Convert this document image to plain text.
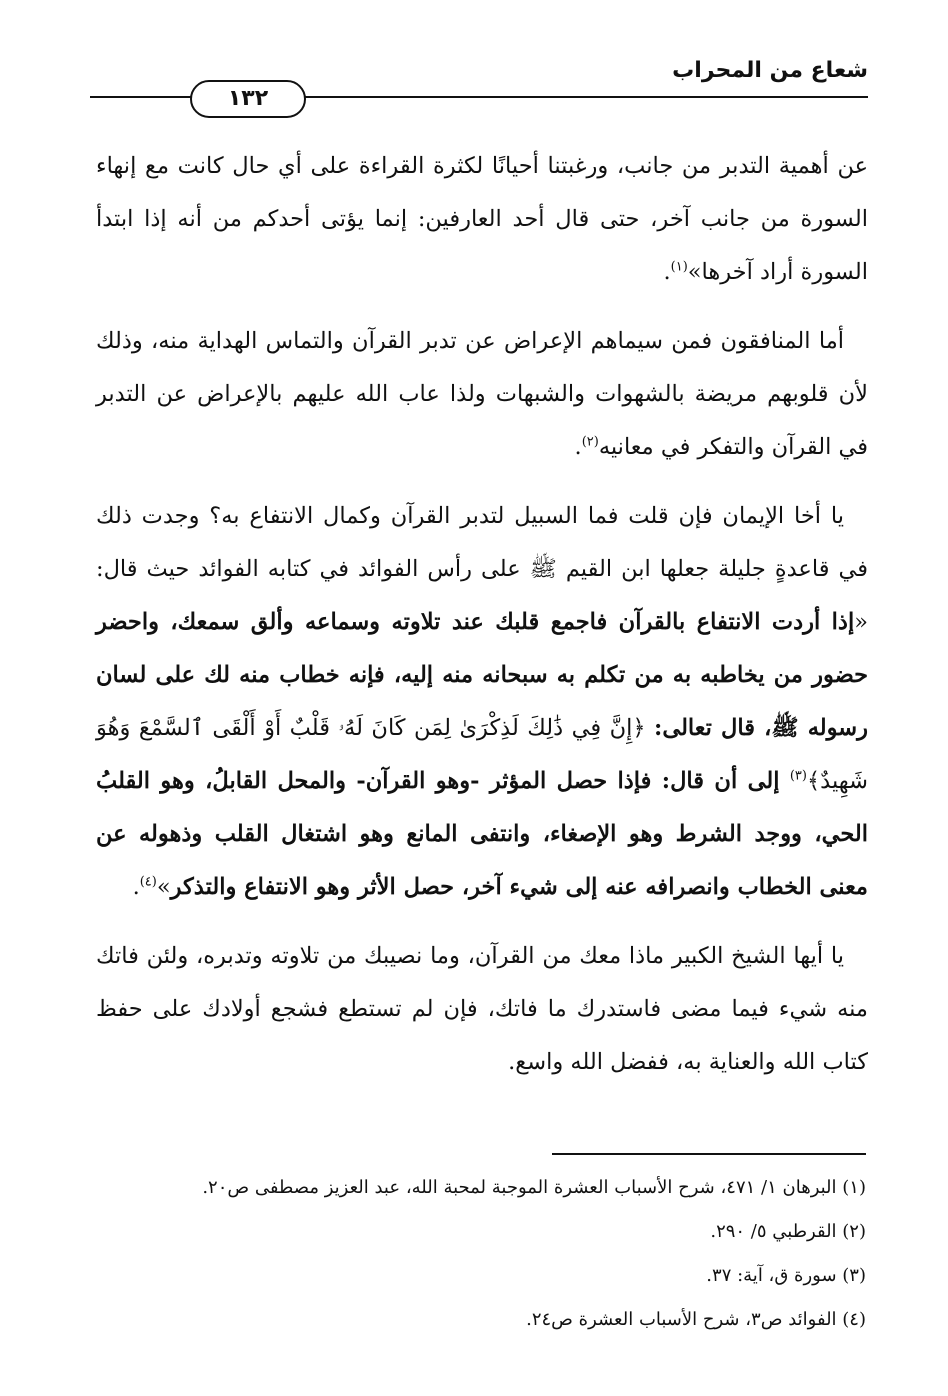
شعاع من المحراب
١٣٢

عن أهمية التدبر من جانب، ورغبتنا أحيانًا لكثرة القراءة على أي حال كانت مع إنهاء السورة من جانب آخر، حتى قال أحد العارفين: إنما يؤتى أحدكم من أنه إذا ابتدأ السورة أراد آخرها»$^{(١)}$.

أما المنافقون فمن سيماهم الإعراض عن تدبر القرآن والتماس الهداية منه، وذلك لأن قلوبهم مريضة بالشهوات والشبهات ولذا عاب الله عليهم بالإعراض عن التدبر في القرآن والتفكر في معانيه$^{(٢)}$.

يا أخا الإيمان فإن قلت فما السبيل لتدبر القرآن وكمال الانتفاع به؟ وجدت ذلك في قاعدةٍ جليلة جعلها ابن القيم ﷺ على رأس الفوائد في كتابه الفوائد حيث قال: «إذا أردت الانتفاع بالقرآن فاجمع قلبك عند تلاوته وسماعه وألق سمعك، واحضر حضور من يخاطبه به من تكلم به سبحانه منه إليه، فإنه خطاب منه لك على لسان رسوله ﷺ، قال تعالى: ﴿إِنَّ فِي ذَٰلِكَ لَذِكْرَىٰ لِمَن كَانَ لَهُۥ قَلْبٌ أَوْ أَلْقَى ٱلسَّمْعَ وَهُوَ شَهِيدٌ﴾$^{(٣)}$ إلى أن قال: فإذا حصل المؤثر -وهو القرآن- والمحل القابلُ، وهو القلبُ الحي، ووجد الشرط وهو الإصغاء، وانتفى المانع وهو اشتغال القلب وذهوله عن معنى الخطاب وانصرافه عنه إلى شيء آخر، حصل الأثر وهو الانتفاع والتذكر»$^{(٤)}$.

يا أيها الشيخ الكبير ماذا معك من القرآن، وما نصيبك من تلاوته وتدبره، ولئن فاتك منه شيء فيما مضى فاستدرك ما فاتك، فإن لم تستطع فشجع أولادك على حفظ كتاب الله والعناية به، ففضل الله واسع.

(١) البرهان ١/ ٤٧١، شرح الأسباب العشرة الموجبة لمحبة الله، عبد العزيز مصطفى ص٢٠.

(٢) القرطبي ٥/ ٢٩٠.

(٣) سورة ق، آية: ٣٧.

(٤) الفوائد ص٣، شرح الأسباب العشرة ص٢٤.
